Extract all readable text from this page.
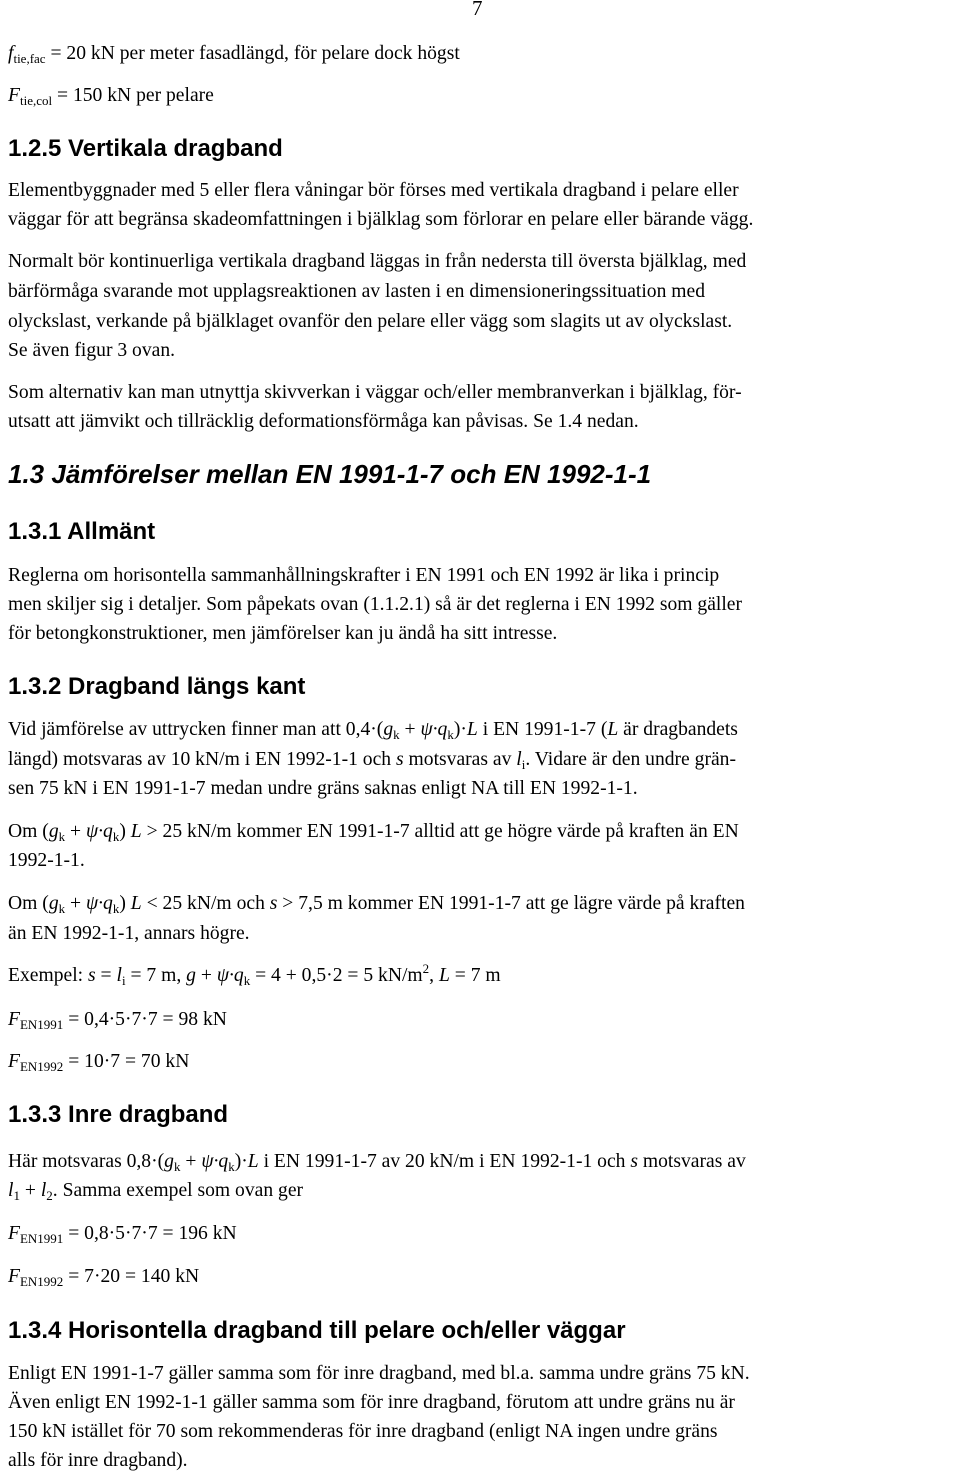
7
$f_{tie,fac} = 20$ kN per meter fasadlängd, för pelare dock högst
$F_{tie,col} = 150$ kN per pelare
1.2.5 Vertikala dragband
Elementbyggnader med 5 eller flera våningar bör förses med vertikala dragband i pelare eller
väggar för att begränsa skadeomfattningen i bjälklag som förlorar en pelare eller bärande vägg.
Normalt bör kontinuerliga vertikala dragband läggas in från nedersta till översta bjälklag, med
bärförmåga svarande mot upplagsreaktionen av lasten i en dimensioneringssituation med
olyckslast, verkande på bjälklaget ovanför den pelare eller vägg som slagits ut av olyckslast.
Se även figur 3 ovan.
Som alternativ kan man utnyttja skivverkan i väggar och/eller membranverkan i bjälklag, för-
utsatt att jämvikt och tillräcklig deformationsförmåga kan påvisas. Se 1.4 nedan.
1.3 Jämförelser mellan EN 1991-1-7 och EN 1992-1-1
1.3.1 Allmänt
Reglerna om horisontella sammanhållningskrafter i EN 1991 och EN 1992 är lika i princip
men skiljer sig i detaljer. Som påpekats ovan (1.1.2.1) så är det reglerna i EN 1992 som gäller
för betongkonstruktioner, men jämförelser kan ju ändå ha sitt intresse.
1.3.2 Dragband längs kant
Vid jämförelse av uttrycken finner man att $0,4\cdot(g_k + \psi\cdot q_k)\cdot L$ i EN 1991-1-7 (L är dragbandets
längd) motsvaras av 10 kN/m i EN 1992-1-1 och s motsvaras av $l_i$. Vidare är den undre grän-
sen 75 kN i EN 1991-1-7 medan undre gräns saknas enligt NA till EN 1992-1-1.
Om $(g_k + \psi\cdot q_k) L > 25$ kN/m kommer EN 1991-1-7 alltid att ge högre värde på kraften än EN
1992-1-1.
Om $(g_k + \psi\cdot q_k) L < 25$ kN/m och s > 7,5 m kommer EN 1991-1-7 att ge lägre värde på kraften
än EN 1992-1-1, annars högre.
Exempel: $s = l_i = 7$ m, $g + \psi\cdot q_k = 4 + 0,5\cdot 2 = 5$ $kN/m^2$, L = 7 m
$F_{EN1991} = 0,4\cdot 5\cdot 7\cdot 7 = 98$ kN
$F_{EN1992} = 10\cdot 7 = 70$ kN
1.3.3 Inre dragband
Här motsvaras $0,8\cdot(g_k + \psi\cdot q_k)\cdot L$ i EN 1991-1-7 av 20 kN/m i EN 1992-1-1 och s motsvaras av
$l_1 + l_2$. Samma exempel som ovan ger
$F_{EN1991} = 0,8\cdot 5\cdot 7\cdot 7 = 196$ kN
$F_{EN1992} = 7\cdot 20 = 140$ kN
1.3.4 Horisontella dragband till pelare och/eller väggar
Enligt EN 1991-1-7 gäller samma som för inre dragband, med bl.a. samma undre gräns 75 kN.
Även enligt EN 1992-1-1 gäller samma som för inre dragband, förutom att undre gräns nu är
150 kN istället för 70 som rekommenderas för inre dragband (enligt NA ingen undre gräns
alls för inre dragband).
